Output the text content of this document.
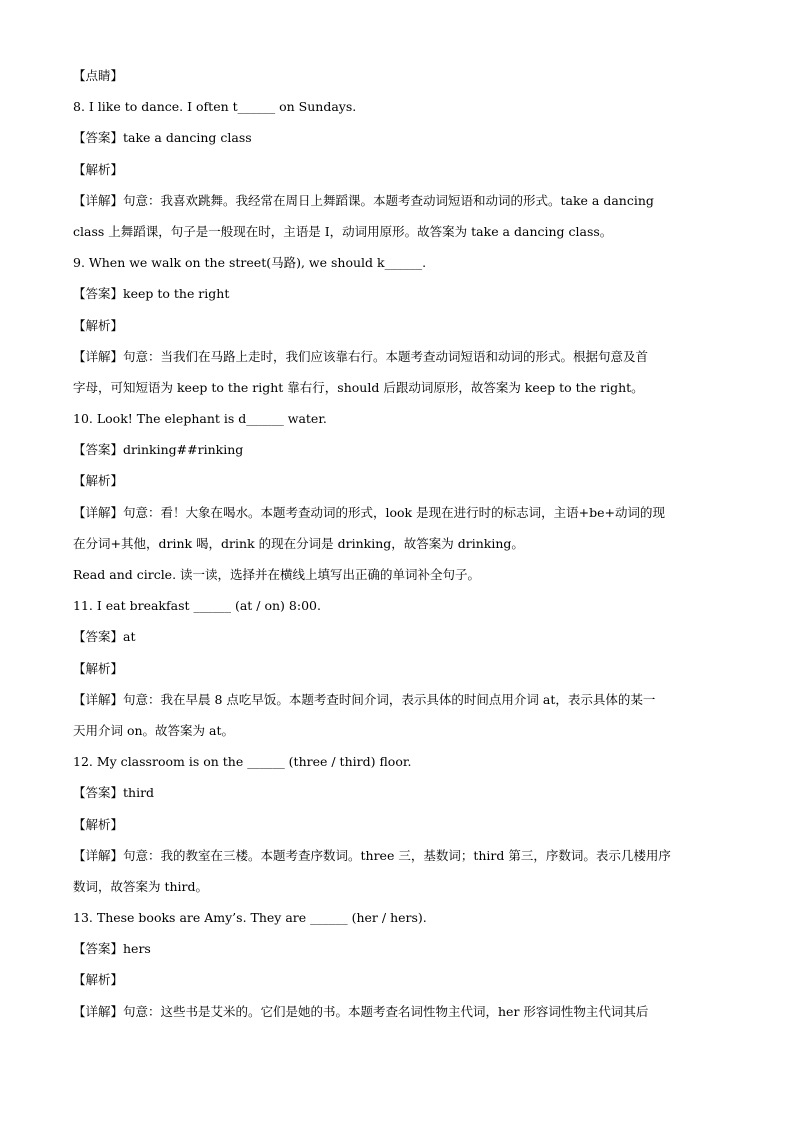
【点睛】
8. I like to dance. I often t______ on Sundays.
【答案】take a dancing class
【解析】
【详解】句意：我喜欢跳舞。我经常在周日上舞蹈课。本题考查动词短语和动词的形式。take a dancing
class 上舞蹈课，句子是一般现在时，主语是 I，动词用原形。故答案为 take a dancing class。
9. When we walk on the street(马路), we should k______.
【答案】keep to the right
【解析】
【详解】句意：当我们在马路上走时，我们应该靠右行。本题考查动词短语和动词的形式。根据句意及首
字母，可知短语为 keep to the right 靠右行，should 后跟动词原形，故答案为 keep to the right。
10. Look! The elephant is d______ water.
【答案】drinking##rinking
【解析】
【详解】句意：看！大象在喝水。本题考查动词的形式，look 是现在进行时的标志词，主语+be+动词的现
在分词+其他，drink 喝，drink 的现在分词是 drinking，故答案为 drinking。
Read and circle. 读一读，选择并在横线上填写出正确的单词补全句子。
11. I eat breakfast ______ (at / on) 8:00.
【答案】at
【解析】
【详解】句意：我在早晨 8 点吃早饭。本题考查时间介词，表示具体的时间点用介词 at，表示具体的某一
天用介词 on。故答案为 at。
12. My classroom is on the ______ (three / third) floor.
【答案】third
【解析】
【详解】句意：我的教室在三楼。本题考查序数词。three 三，基数词；third 第三，序数词。表示几楼用序
数词，故答案为 third。
13. These books are Amy’s. They are ______ (her / hers).
【答案】hers
【解析】
【详解】句意：这些书是艾米的。它们是她的书。本题考查名词性物主代词，her 形容词性物主代词其后
